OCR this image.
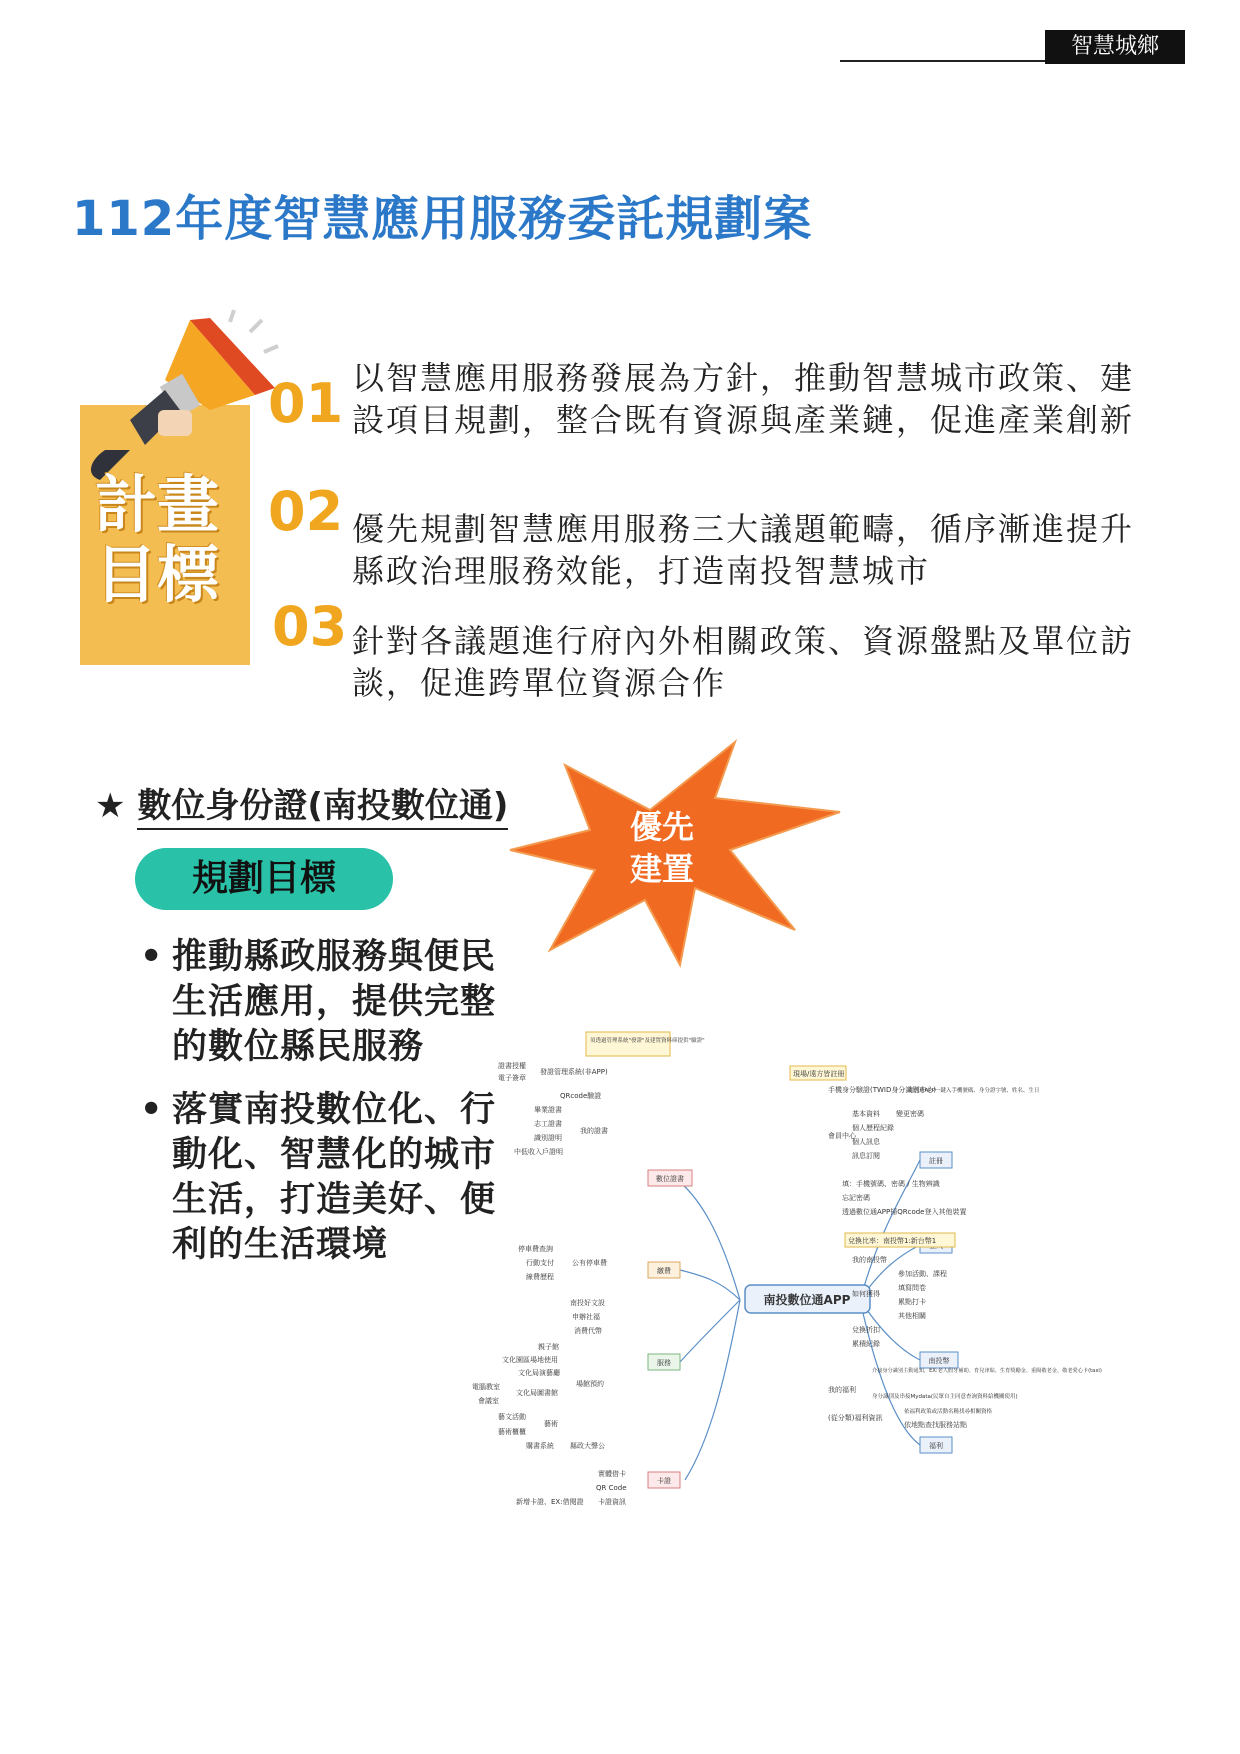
智慧城鄉
112年度智慧應用服務委託規劃案
計畫
目標
01 以智慧應用服務發展為方針，推動智慧城市政策、建設項目規劃，整合既有資源與產業鏈，促進產業創新
02 優先規劃智慧應用服務三大議題範疇，循序漸進提升縣政治理服務效能，打造南投智慧城市
03 針對各議題進行府內外相關政策、資源盤點及單位訪談，促進跨單位資源合作
★ 數位身份證(南投數位通)
規劃目標
優先
建置
• 推動縣政服務與便民生活應用，提供完整的數位縣民服務
• 落實南投數位化、行動化、智慧化的城市生活，打造美好、便利的生活環境
南投數位通APP
數位證書
繳費
服務
卡證
註冊
南投幣
福利
須透過管理系統"發證"及建置資料庫提供"驗證"
現場/遠方皆註冊
兌換比率：南投幣1:新台幣1
證書授權
電子簽章
發證管理系統(非APP)
QRcode驗證
畢業證書
志工證書
識別證明
中低收入戶證明
我的證書
停車費查詢
行動支付
線費歷程
公有停車費
南投好文設
申辦社福
消費代幣
親子館
文化園區場地使用
文化局演藝廳
電腦教室
會議室
文化局圖書館
場館預約
藝文活動
藝術
藝術櫃櫃
購書系統 縣政大聲公
實體借卡
QR Code
新增卡證、EX:借閱證 卡證資訊
手機身分驗證(TWID身分識別中心)
需透過APP一鍵入手機號碼、身分證字號、姓名、生日
基本資料 變更密碼
會員中心
個人歷程紀錄
個人訊息
訊息訂閱
填：手機號碼、密碼 / 生物辨識
忘記密碼
透過數位通APP掃QRcode登入其他裝置
我的南投幣
參加活動、課程
填寫問卷
累點打卡
其他相關
如何獲得
兌換折扣
累積紀錄
介接身分識別主動通知，EX:老人假牙補助、育兒津貼、生育獎勵金、重陽敬老金、敬老愛心卡(taxi)
我的福利
身分識別及串接Mydata(民眾自主同意查詢資料給機關使用)
依福利政策或活動名稱找尋相關資格
(從分類)福利資訊
依地點查找服務站點
